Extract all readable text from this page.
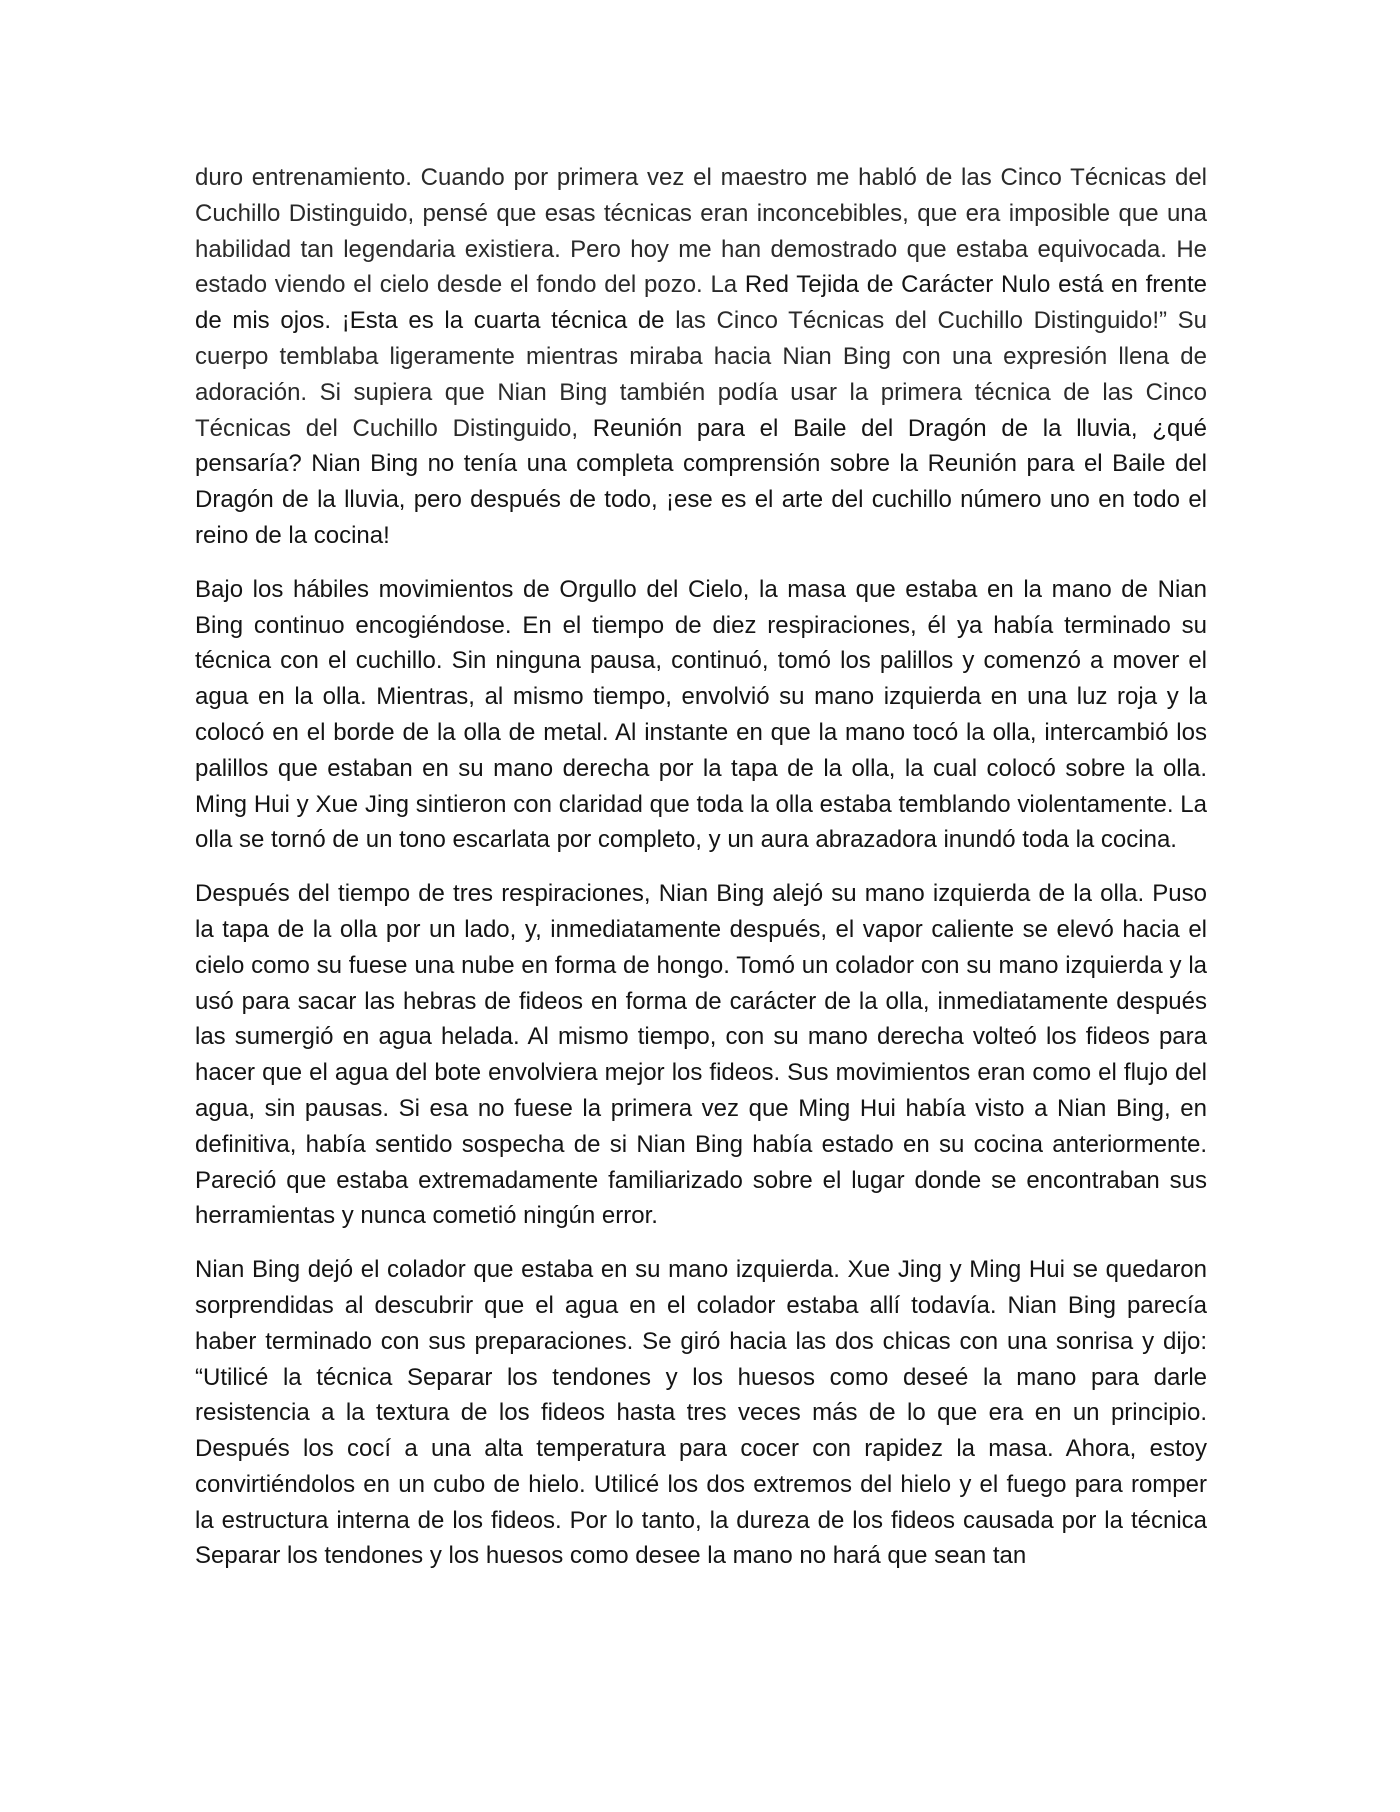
duro entrenamiento. Cuando por primera vez el maestro me habló de las Cinco Técnicas del Cuchillo Distinguido, pensé que esas técnicas eran inconcebibles, que era imposible que una habilidad tan legendaria existiera. Pero hoy me han demostrado que estaba equivocada. He estado viendo el cielo desde el fondo del pozo. La Red Tejida de Carácter Nulo está en frente de mis ojos. ¡Esta es la cuarta técnica de las Cinco Técnicas del Cuchillo Distinguido!” Su cuerpo temblaba ligeramente mientras miraba hacia Nian Bing con una expresión llena de adoración. Si supiera que Nian Bing también podía usar la primera técnica de las Cinco Técnicas del Cuchillo Distinguido, Reunión para el Baile del Dragón de la lluvia, ¿qué pensaría? Nian Bing no tenía una completa comprensión sobre la Reunión para el Baile del Dragón de la lluvia, pero después de todo, ¡ese es el arte del cuchillo número uno en todo el reino de la cocina!

Bajo los hábiles movimientos de Orgullo del Cielo, la masa que estaba en la mano de Nian Bing continuo encogiéndose. En el tiempo de diez respiraciones, él ya había terminado su técnica con el cuchillo. Sin ninguna pausa, continuó, tomó los palillos y comenzó a mover el agua en la olla. Mientras, al mismo tiempo, envolvió su mano izquierda en una luz roja y la colocó en el borde de la olla de metal. Al instante en que la mano tocó la olla, intercambió los palillos que estaban en su mano derecha por la tapa de la olla, la cual colocó sobre la olla. Ming Hui y Xue Jing sintieron con claridad que toda la olla estaba temblando violentamente. La olla se tornó de un tono escarlata por completo, y un aura abrazadora inundó toda la cocina.

Después del tiempo de tres respiraciones, Nian Bing alejó su mano izquierda de la olla. Puso la tapa de la olla por un lado, y, inmediatamente después, el vapor caliente se elevó hacia el cielo como su fuese una nube en forma de hongo. Tomó un colador con su mano izquierda y la usó para sacar las hebras de fideos en forma de carácter de la olla, inmediatamente después las sumergió en agua helada. Al mismo tiempo, con su mano derecha volteó los fideos para hacer que el agua del bote envolviera mejor los fideos. Sus movimientos eran como el flujo del agua, sin pausas. Si esa no fuese la primera vez que Ming Hui había visto a Nian Bing, en definitiva, había sentido sospecha de si Nian Bing había estado en su cocina anteriormente. Pareció que estaba extremadamente familiarizado sobre el lugar donde se encontraban sus herramientas y nunca cometió ningún error.

Nian Bing dejó el colador que estaba en su mano izquierda. Xue Jing y Ming Hui se quedaron sorprendidas al descubrir que el agua en el colador estaba allí todavía. Nian Bing parecía haber terminado con sus preparaciones. Se giró hacia las dos chicas con una sonrisa y dijo: “Utilicé la técnica Separar los tendones y los huesos como deseé la mano para darle resistencia a la textura de los fideos hasta tres veces más de lo que era en un principio. Después los cocí a una alta temperatura para cocer con rapidez la masa. Ahora, estoy convirtiéndolos en un cubo de hielo. Utilicé los dos extremos del hielo y el fuego para romper la estructura interna de los fideos. Por lo tanto, la dureza de los fideos causada por la técnica Separar los tendones y los huesos como desee la mano no hará que sean tan
